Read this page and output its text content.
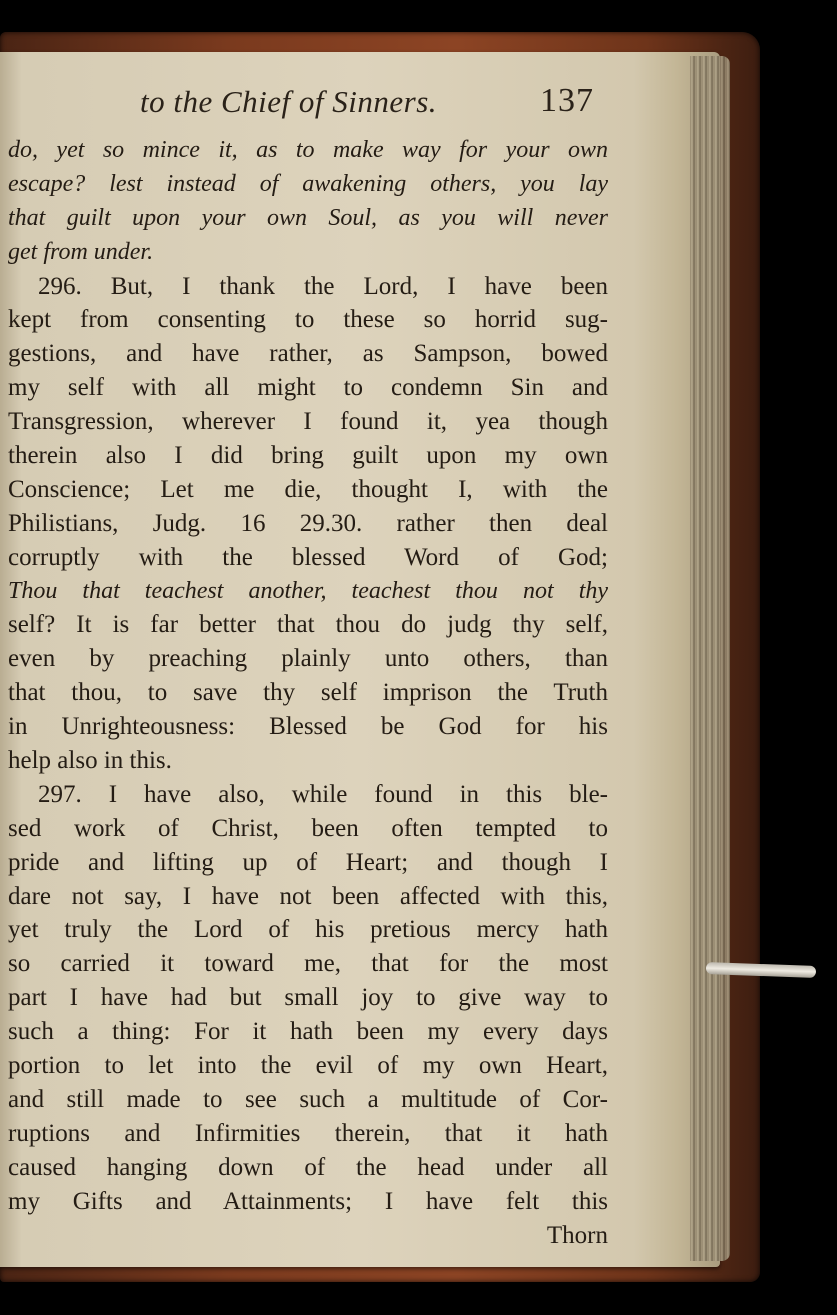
to the Chief of Sinners.	137
do, yet so mince it, as to make way for your own
escape? lest instead of awakening others, you lay
that guilt upon your own Soul, as you will never
get from under.
296. But, I thank the Lord, I have been
kept from consenting to these so horrid sug-
gestions, and have rather, as Sampson, bowed
my self with all might to condemn Sin and
Transgression, wherever I found it, yea though
therein also I did bring guilt upon my own
Conscience; Let me die, thought I, with the
Philistians, Judg. 16 29.30. rather then deal
corruptly with the blessed Word of God;
Thou that teachest another, teachest thou not thy
self? It is far better that thou do judg thy self,
even by preaching plainly unto others, than
that thou, to save thy self imprison the Truth
in Unrighteousness: Blessed be God for his
help also in this.
297. I have also, while found in this ble-
sed work of Christ, been often tempted to
pride and lifting up of Heart; and though I
dare not say, I have not been affected with this,
yet truly the Lord of his pretious mercy hath
so carried it toward me, that for the most
part I have had but small joy to give way to
such a thing: For it hath been my every days
portion to let into the evil of my own Heart,
and still made to see such a multitude of Cor-
ruptions and Infirmities therein, that it hath
caused hanging down of the head under all
my Gifts and Attainments; I have felt this
Thorn
